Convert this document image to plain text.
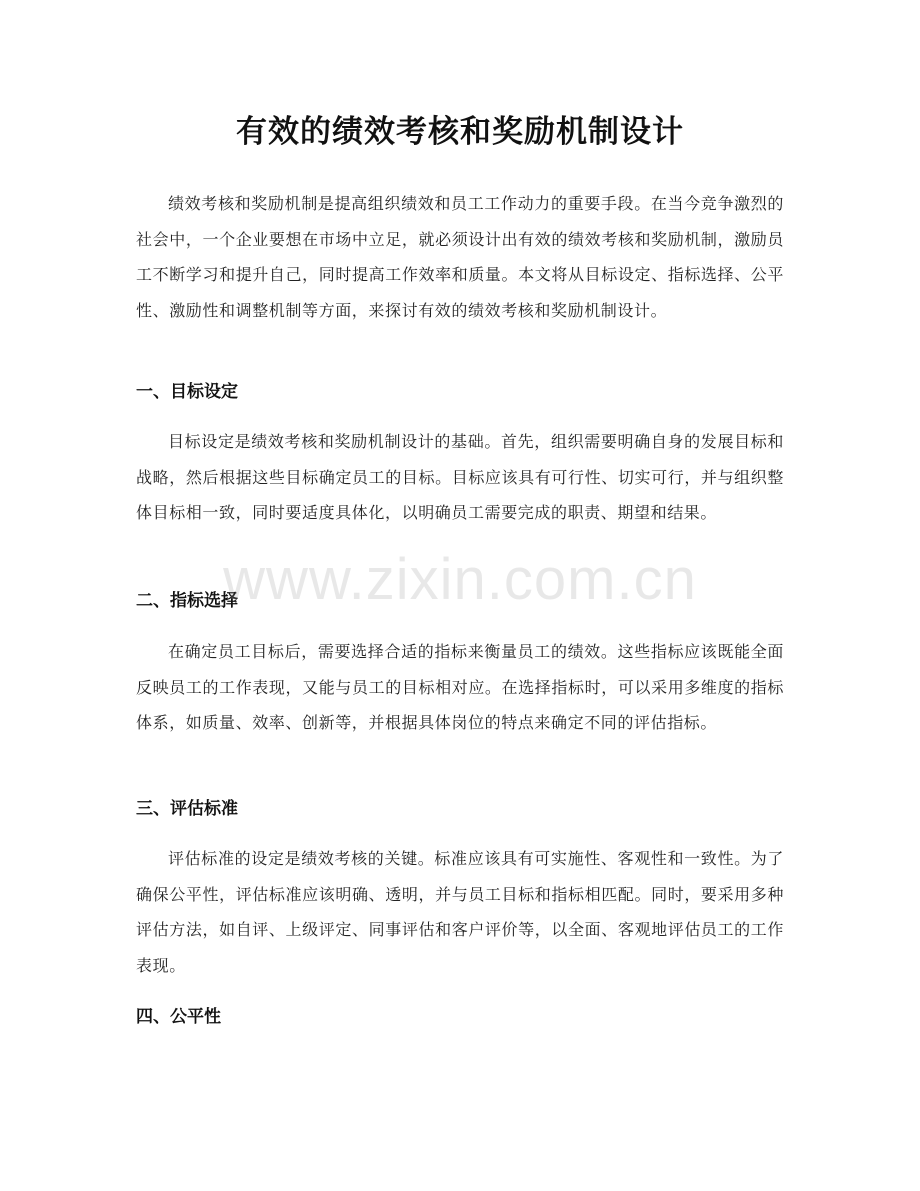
有效的绩效考核和奖励机制设计

绩效考核和奖励机制是提高组织绩效和员工工作动力的重要手段。在当今竞争激烈的社会中，一个企业要想在市场中立足，就必须设计出有效的绩效考核和奖励机制，激励员工不断学习和提升自己，同时提高工作效率和质量。本文将从目标设定、指标选择、公平性、激励性和调整机制等方面，来探讨有效的绩效考核和奖励机制设计。

一、目标设定

目标设定是绩效考核和奖励机制设计的基础。首先，组织需要明确自身的发展目标和战略，然后根据这些目标确定员工的目标。目标应该具有可行性、切实可行，并与组织整体目标相一致，同时要适度具体化，以明确员工需要完成的职责、期望和结果。

二、指标选择

在确定员工目标后，需要选择合适的指标来衡量员工的绩效。这些指标应该既能全面反映员工的工作表现，又能与员工的目标相对应。在选择指标时，可以采用多维度的指标体系，如质量、效率、创新等，并根据具体岗位的特点来确定不同的评估指标。

三、评估标准

评估标准的设定是绩效考核的关键。标准应该具有可实施性、客观性和一致性。为了确保公平性，评估标准应该明确、透明，并与员工目标和指标相匹配。同时，要采用多种评估方法，如自评、上级评定、同事评估和客户评价等，以全面、客观地评估员工的工作表现。

四、公平性
www.zixin.com.cn
